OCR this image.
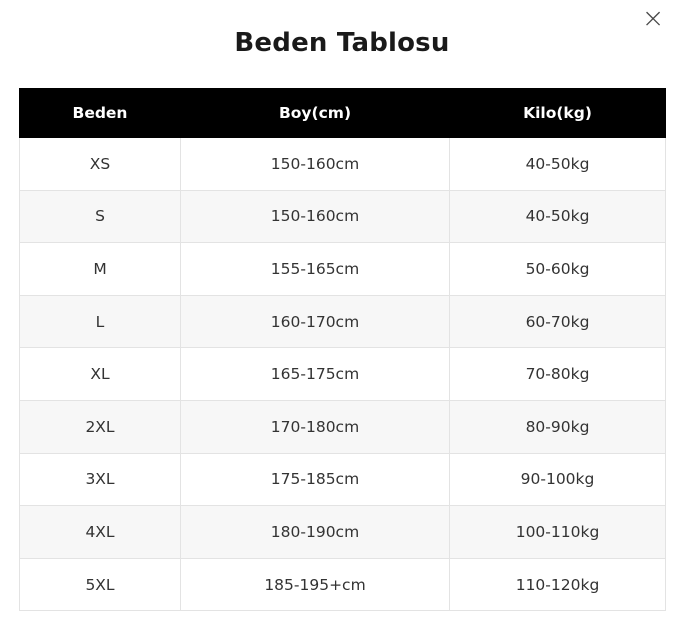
×
Beden Tablosu
Beden	Boy(cm)	Kilo(kg)
XS	150-160cm	40-50kg
S	150-160cm	40-50kg
M	155-165cm	50-60kg
L	160-170cm	60-70kg
XL	165-175cm	70-80kg
2XL	170-180cm	80-90kg
3XL	175-185cm	90-100kg
4XL	180-190cm	100-110kg
5XL	185-195+cm	110-120kg
